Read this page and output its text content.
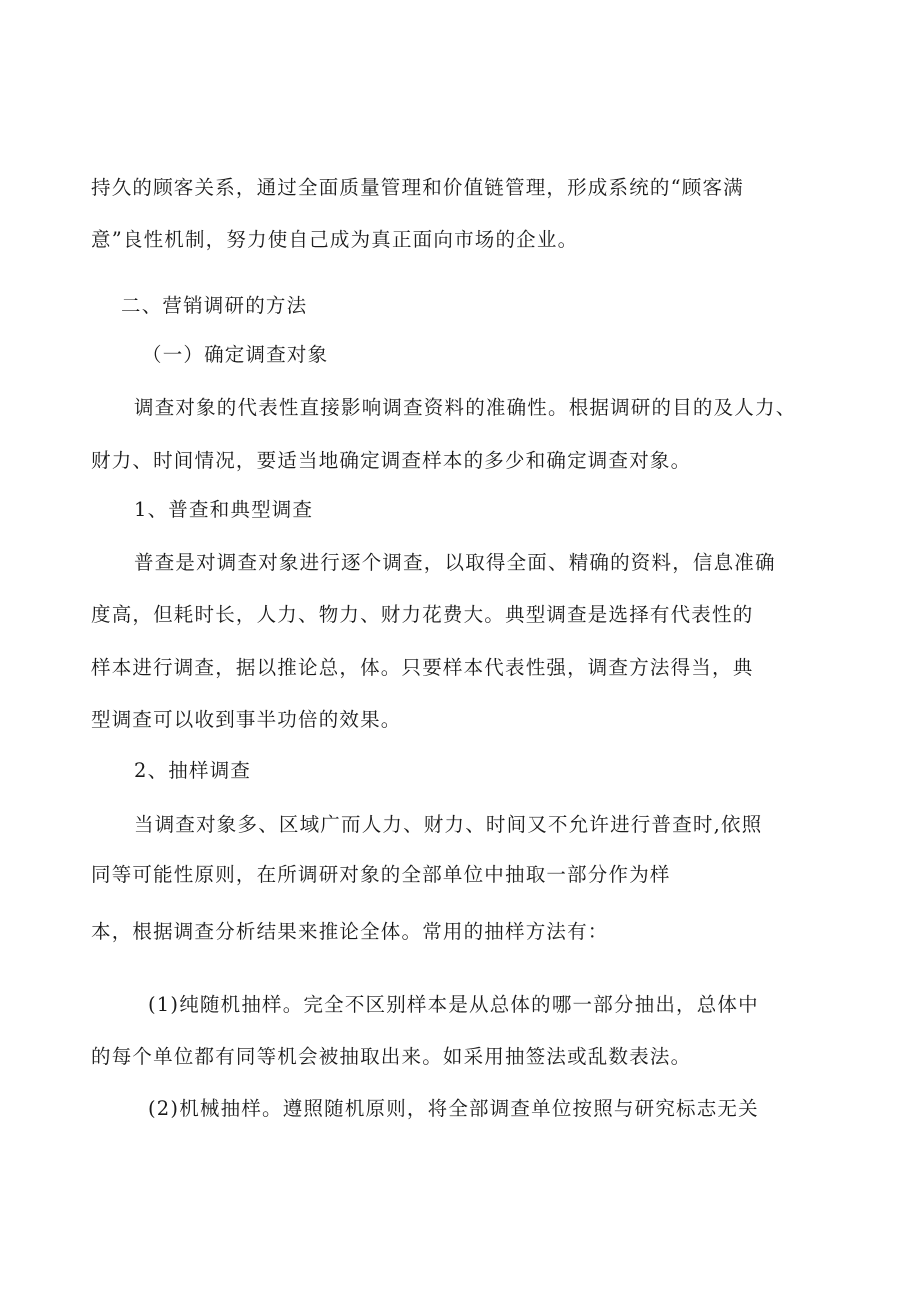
持久的顾客关系，通过全面质量管理和价值链管理，形成系统的“顾客满

意”良性机制，努力使自己成为真正面向市场的企业。

二、营销调研的方法
（一）确定调查对象

调查对象的代表性直接影响调查资料的准确性。根据调研的目的及人力、

财力、时间情况，要适当地确定调查样本的多少和确定调查对象。

1、普查和典型调查

普查是对调查对象进行逐个调查，以取得全面、精确的资料，信息准确

度高，但耗时长，人力、物力、财力花费大。典型调查是选择有代表性的

样本进行调查，据以推论总，体。只要样本代表性强，调查方法得当，典

型调查可以收到事半功倍的效果。

2、抽样调查

当调查对象多、区域广而人力、财力、时间又不允许进行普查时,依照

同等可能性原则，在所调研对象的全部单位中抽取一部分作为样

本，根据调查分析结果来推论全体。常用的抽样方法有：

(1)纯随机抽样。完全不区别样本是从总体的哪一部分抽出，总体中

的每个单位都有同等机会被抽取出来。如采用抽签法或乱数表法。

(2)机械抽样。遵照随机原则，将全部调查单位按照与研究标志无关
